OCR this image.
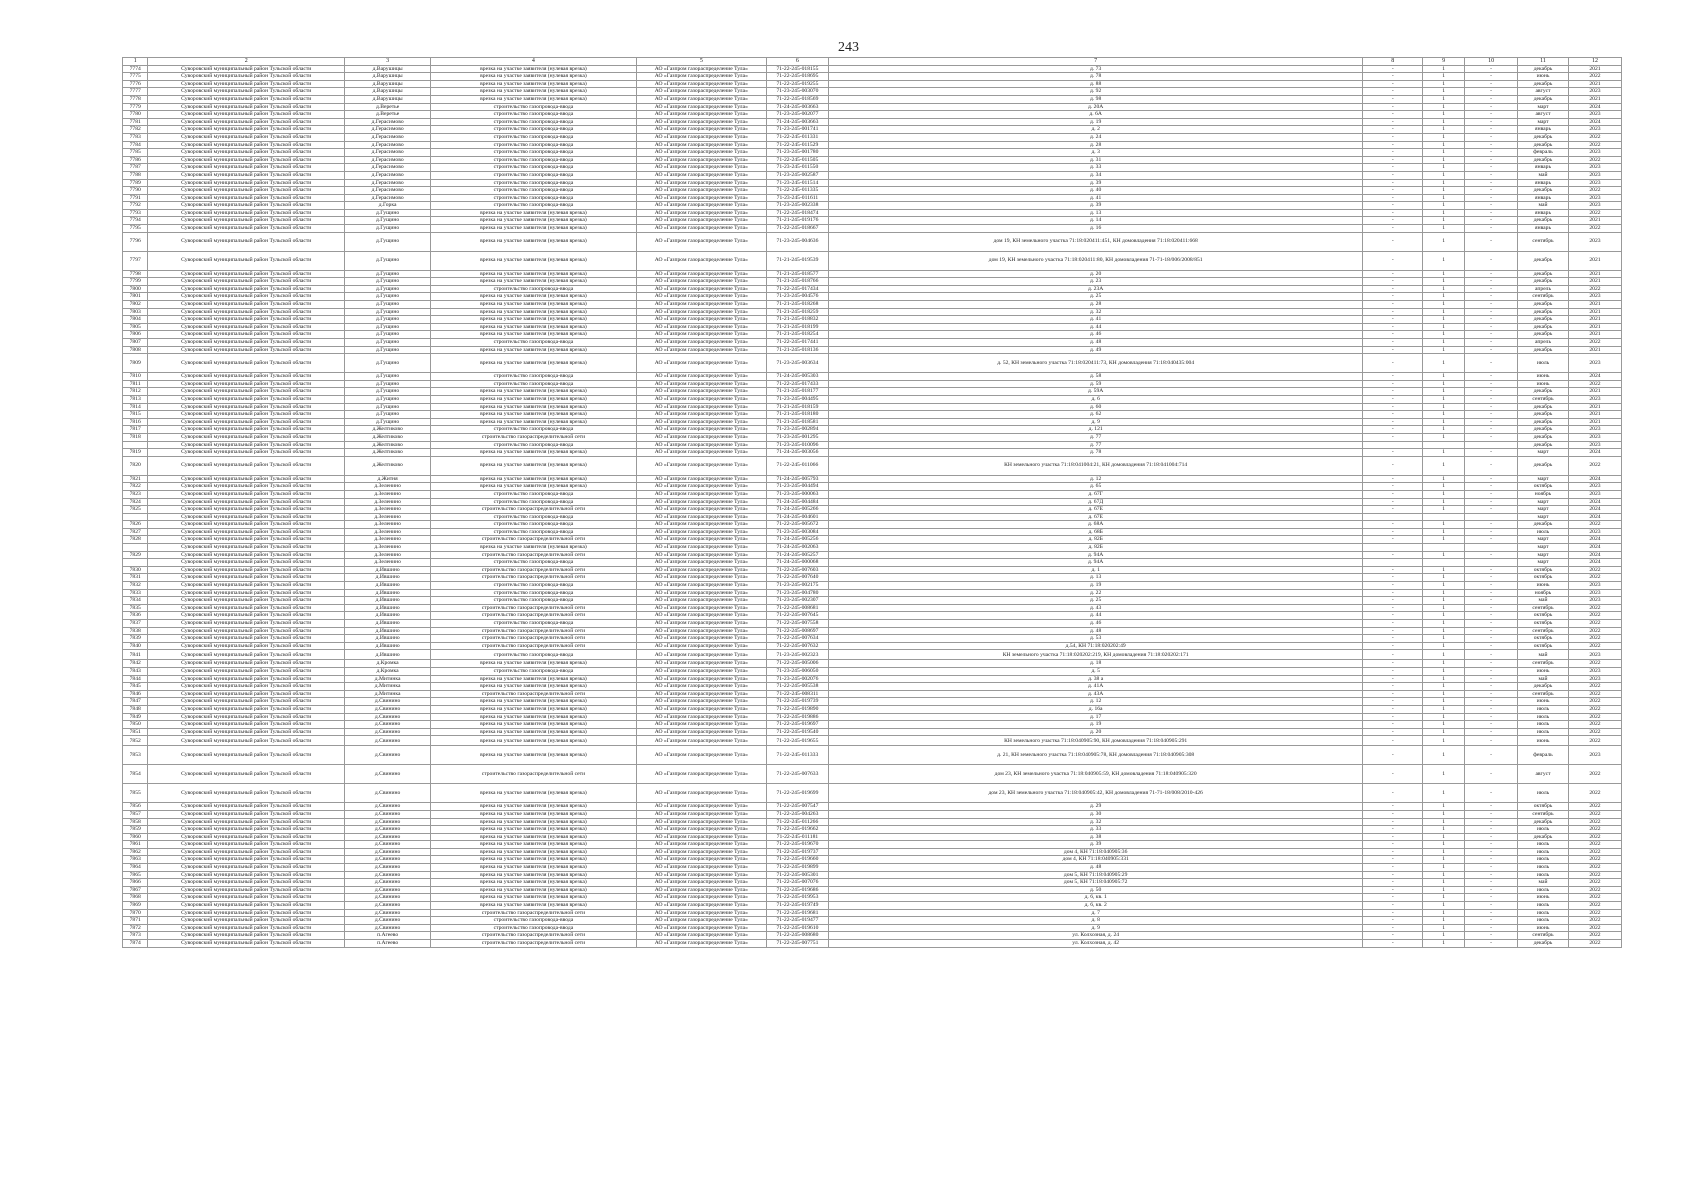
243
1	2	3	4	5	6	7	8	9	10	11	12
7774	Суворовский муниципальный район Тульской области	д.Варушицы	врезка на участке заявителя (нулевая врезка)	АО «Газпром газораспределение Тула»	71-22-245-018155	д. 73	-	1	-	декабрь	2021
7775	Суворовский муниципальный район Тульской области	д.Варушицы	врезка на участке заявителя (нулевая врезка)	АО «Газпром газораспределение Тула»	71-22-245-018695	д. 78	-	1	-	июнь	2022
7776	Суворовский муниципальный район Тульской области	д.Варушицы	врезка на участке заявителя (нулевая врезка)	АО «Газпром газораспределение Тула»	71-22-245-019255	д. 88	-	1	-	декабрь	2021
7777	Суворовский муниципальный район Тульской области	д.Варушицы	врезка на участке заявителя (нулевая врезка)	АО «Газпром газораспределение Тула»	71-23-245-003070	д. 92	-	1	-	август	2023
7778	Суворовский муниципальный район Тульской области	д.Варушицы	врезка на участке заявителя (нулевая врезка)	АО «Газпром газораспределение Тула»	71-22-245-018569	д. 98	-	1	-	декабрь	2021
7779	Суворовский муниципальный район Тульской области	д.Веретье	строительство газопровода-ввода	АО «Газпром газораспределение Тула»	71-24-245-003663	д. 20А	-	1	-	март	2024
7780	Суворовский муниципальный район Тульской области	д.Веретье	строительство газопровода-ввода	АО «Газпром газораспределение Тула»	71-23-245-002077	д. 6А	-	1	-	август	2023
7781	Суворовский муниципальный район Тульской области	д.Герасимово	строительство газопровода-ввода	АО «Газпром газораспределение Тула»	71-24-245-003663	д. 19	-	1	-	март	2024
7782	Суворовский муниципальный район Тульской области	д.Герасимово	строительство газопровода-ввода	АО «Газпром газораспределение Тула»	71-23-245-001741	д. 2	-	1	-	январь	2023
7783	Суворовский муниципальный район Тульской области	д.Герасимово	строительство газопровода-ввода	АО «Газпром газораспределение Тула»	71-22-245-011331	д. 24	-	1	-	декабрь	2022
7784	Суворовский муниципальный район Тульской области	д.Герасимово	строительство газопровода-ввода	АО «Газпром газораспределение Тула»	71-22-245-011529	д. 28	-	1	-	декабрь	2022
7785	Суворовский муниципальный район Тульской области	д.Герасимово	строительство газопровода-ввода	АО «Газпром газораспределение Тула»	71-23-245-001780	д. 3	-	1	-	февраль	2023
7786	Суворовский муниципальный район Тульской области	д.Герасимово	строительство газопровода-ввода	АО «Газпром газораспределение Тула»	71-22-245-011505	д. 31	-	1	-	декабрь	2022
7787	Суворовский муниципальный район Тульской области	д.Герасимово	строительство газопровода-ввода	АО «Газпром газораспределение Тула»	71-23-245-011550	д. 33	-	1	-	январь	2023
7788	Суворовский муниципальный район Тульской области	д.Герасимово	строительство газопровода-ввода	АО «Газпром газораспределение Тула»	71-23-245-002587	д. 34	-	1	-	май	2023
7789	Суворовский муниципальный район Тульской области	д.Герасимово	строительство газопровода-ввода	АО «Газпром газораспределение Тула»	71-23-245-011514	д. 39	-	1	-	январь	2023
7790	Суворовский муниципальный район Тульской области	д.Герасимово	строительство газопровода-ввода	АО «Газпром газораспределение Тула»	71-22-245-011335	д. 40	-	1	-	декабрь	2022
7791	Суворовский муниципальный район Тульской области	д.Герасимово	строительство газопровода-ввода	АО «Газпром газораспределение Тула»	71-23-245-011611	д. 41	-	1	-	январь	2023
7792	Суворовский муниципальный район Тульской области	д.Горка	строительство газопровода-ввода	АО «Газпром газораспределение Тула»	71-23-245-002338	д. 39	-	1	-	май	2023
7793	Суворовский муниципальный район Тульской области	д.Гущино	врезка на участке заявителя (нулевая врезка)	АО «Газпром газораспределение Тула»	71-22-245-018474	д. 13	-	1	-	январь	2022
7794	Суворовский муниципальный район Тульской области	д.Гущино	врезка на участке заявителя (нулевая врезка)	АО «Газпром газораспределение Тула»	71-21-245-019176	д. 14	-	1	-	декабрь	2021
7795	Суворовский муниципальный район Тульской области	д.Гущино	врезка на участке заявителя (нулевая врезка)	АО «Газпром газораспределение Тула»	71-22-245-018667	д. 16	-	1	-	январь	2022
7796	Суворовский муниципальный район Тульской области	д.Гущино	врезка на участке заявителя (нулевая врезка)	АО «Газпром газораспределение Тула»	71-23-245-004636	дом 19, КН земельного участка 71:18:020411:451, КН домовладения 71:18:020411:668	-	1	-	сентябрь	2023
7797	Суворовский муниципальный район Тульской области	д.Гущино	врезка на участке заявителя (нулевая врезка)	АО «Газпром газораспределение Тула»	71-21-245-019539	дом 19, КН земельного участка 71:18:020411:80, КН домовладения 71-71-18/006/2008/851	-	1	-	декабрь	2021
7798	Суворовский муниципальный район Тульской области	д.Гущино	врезка на участке заявителя (нулевая врезка)	АО «Газпром газораспределение Тула»	71-21-245-018577	д. 20	-	1	-	декабрь	2021
7799	Суворовский муниципальный район Тульской области	д.Гущино	врезка на участке заявителя (нулевая врезка)	АО «Газпром газораспределение Тула»	71-21-245-018766	д. 23	-	1	-	декабрь	2021
7800	Суворовский муниципальный район Тульской области	д.Гущино	строительство газопровода-ввода	АО «Газпром газораспределение Тула»	71-22-245-017434	д. 23А	-	1	-	апрель	2022
7801	Суворовский муниципальный район Тульской области	д.Гущино	врезка на участке заявителя (нулевая врезка)	АО «Газпром газораспределение Тула»	71-23-245-004576	д. 25	-	1	-	сентябрь	2023
7802	Суворовский муниципальный район Тульской области	д.Гущино	врезка на участке заявителя (нулевая врезка)	АО «Газпром газораспределение Тула»	71-21-245-018268	д. 28	-	1	-	декабрь	2021
7803	Суворовский муниципальный район Тульской области	д.Гущино	врезка на участке заявителя (нулевая врезка)	АО «Газпром газораспределение Тула»	71-21-245-018259	д. 32	-	1	-	декабрь	2021
7804	Суворовский муниципальный район Тульской области	д.Гущино	врезка на участке заявителя (нулевая врезка)	АО «Газпром газораспределение Тула»	71-21-245-018832	д. 41	-	1	-	декабрь	2021
7805	Суворовский муниципальный район Тульской области	д.Гущино	врезка на участке заявителя (нулевая врезка)	АО «Газпром газораспределение Тула»	71-21-245-018199	д. 44	-	1	-	декабрь	2021
7806	Суворовский муниципальный район Тульской области	д.Гущино	врезка на участке заявителя (нулевая врезка)	АО «Газпром газораспределение Тула»	71-21-245-018254	д. 46	-	1	-	декабрь	2021
7807	Суворовский муниципальный район Тульской области	д.Гущино	строительство газопровода-ввода	АО «Газпром газораспределение Тула»	71-22-245-017441	д. 48	-	1	-	апрель	2022
7808	Суворовский муниципальный район Тульской области	д.Гущино	врезка на участке заявителя (нулевая врезка)	АО «Газпром газораспределение Тула»	71-21-245-018136	д. 49	-	1	-	декабрь	2021
7809	Суворовский муниципальный район Тульской области	д.Гущино	врезка на участке заявителя (нулевая врезка)	АО «Газпром газораспределение Тула»	71-23-245-003634	д. 52, КН земельного участка 71:18:020411:73, КН домовладения 71:18:040435:004	-	1	-	июль	2023
7810	Суворовский муниципальный район Тульской области	д.Гущино	строительство газопровода-ввода	АО «Газпром газораспределение Тула»	71-24-245-005303	д. 58	-	1	-	июнь	2024
7811	Суворовский муниципальный район Тульской области	д.Гущино	строительство газопровода-ввода	АО «Газпром газораспределение Тула»	71-22-245-017433	д. 59	-	1	-	июнь	2022
7812	Суворовский муниципальный район Тульской области	д.Гущино	врезка на участке заявителя (нулевая врезка)	АО «Газпром газораспределение Тула»	71-21-245-018177	д. 59А	-	1	-	декабрь	2021
7813	Суворовский муниципальный район Тульской области	д.Гущино	врезка на участке заявителя (нулевая врезка)	АО «Газпром газораспределение Тула»	71-23-245-004495	д. 6	-	1	-	сентябрь	2023
7814	Суворовский муниципальный район Тульской области	д.Гущино	врезка на участке заявителя (нулевая врезка)	АО «Газпром газораспределение Тула»	71-21-245-018159	д. 60	-	1	-	декабрь	2021
7815	Суворовский муниципальный район Тульской области	д.Гущино	врезка на участке заявителя (нулевая врезка)	АО «Газпром газораспределение Тула»	71-21-245-018180	д. 62	-	1	-	декабрь	2021
7816	Суворовский муниципальный район Тульской области	д.Гущино	врезка на участке заявителя (нулевая врезка)	АО «Газпром газораспределение Тула»	71-21-245-018581	д. 9	-	1	-	декабрь	2021
7817	Суворовский муниципальный район Тульской области	д.Желтиково	строительство газопровода-ввода	АО «Газпром газораспределение Тула»	71-23-245-002894	д. 121	-	1	-	декабрь	2023
7818	Суворовский муниципальный район Тульской области	д.Желтиково	строительство газораспределительной сети	АО «Газпром газораспределение Тула»	71-23-245-001295	д. 77	-	1	-	декабрь	2023
	Суворовский муниципальный район Тульской области	д.Желтиково	строительство газопровода-ввода	АО «Газпром газораспределение Тула»	71-23-245-010096	д. 77				декабрь	2023
7819	Суворовский муниципальный район Тульской области	д.Желтиково	врезка на участке заявителя (нулевая врезка)	АО «Газпром газораспределение Тула»	71-24-245-003056	д. 78	-	1	-	март	2024
7820	Суворовский муниципальный район Тульской области	д.Желтиково	врезка на участке заявителя (нулевая врезка)	АО «Газпром газораспределение Тула»	71-22-245-011066	КН земельного участка 71:18:041004:21, КН домовладения 71:18:041004:714	-	1	-	декабрь	2022
7821	Суворовский муниципальный район Тульской области	д.Житня	врезка на участке заявителя (нулевая врезка)	АО «Газпром газораспределение Тула»	71-24-245-005793	д. 12	-	1	-	март	2024
7822	Суворовский муниципальный район Тульской области	д.Зеленино	врезка на участке заявителя (нулевая врезка)	АО «Газпром газораспределение Тула»	71-23-245-004494	д. 65	-	1	-	октябрь	2023
7823	Суворовский муниципальный район Тульской области	д.Зеленино	строительство газопровода-ввода	АО «Газпром газораспределение Тула»	71-23-245-000063	д. 67Г	-	1	-	ноябрь	2023
7824	Суворовский муниципальный район Тульской области	д.Зеленино	строительство газопровода-ввода	АО «Газпром газораспределение Тула»	71-24-245-004484	д. 67Д	-	1	-	март	2024
7825	Суворовский муниципальный район Тульской области	д.Зеленино	строительство газораспределительной сети	АО «Газпром газораспределение Тула»	71-24-245-005266	д. 67Е	-	1	-	март	2024
	Суворовский муниципальный район Тульской области	д.Зеленино	строительство газопровода-ввода	АО «Газпром газораспределение Тула»	71-24-245-004601	д. 67Е				март	2024
7826	Суворовский муниципальный район Тульской области	д.Зеленино	строительство газопровода-ввода	АО «Газпром газораспределение Тула»	71-22-245-005672	д. 68А	-	1	-	декабрь	2022
7827	Суворовский муниципальный район Тульской области	д.Зеленино	строительство газопровода-ввода	АО «Газпром газораспределение Тула»	71-23-245-003084	д. 68Б	-	1	-	июль	2023
7828	Суворовский муниципальный район Тульской области	д.Зеленино	строительство газораспределительной сети	АО «Газпром газораспределение Тула»	71-24-245-005256	д. 82Б	-	1	-	март	2024
	Суворовский муниципальный район Тульской области	д.Зеленино	врезка на участке заявителя (нулевая врезка)	АО «Газпром газораспределение Тула»	71-24-245-002063	д. 82Б				март	2024
7829	Суворовский муниципальный район Тульской области	д.Зеленино	строительство газораспределительной сети	АО «Газпром газораспределение Тула»	71-24-245-005257	д. 94А	-	1	-	март	2024
	Суворовский муниципальный район Тульской области	д.Зеленино	строительство газопровода-ввода	АО «Газпром газораспределение Тула»	71-24-245-000068	д. 94А				март	2024
7830	Суворовский муниципальный район Тульской области	д.Ившино	строительство газораспределительной сети	АО «Газпром газораспределение Тула»	71-22-245-007603	д. 1	-	1	-	октябрь	2022
7831	Суворовский муниципальный район Тульской области	д.Ившино	строительство газораспределительной сети	АО «Газпром газораспределение Тула»	71-22-245-007640	д. 13	-	1	-	октябрь	2022
7832	Суворовский муниципальный район Тульской области	д.Ившино	строительство газопровода-ввода	АО «Газпром газораспределение Тула»	71-23-245-002175	д. 19	-	1	-	июнь	2023
7833	Суворовский муниципальный район Тульской области	д.Ившино	строительство газопровода-ввода	АО «Газпром газораспределение Тула»	71-23-245-004780	д. 22	-	1	-	ноябрь	2023
7834	Суворовский муниципальный район Тульской области	д.Ившино	строительство газопровода-ввода	АО «Газпром газораспределение Тула»	71-23-245-002307	д. 25	-	1	-	май	2023
7835	Суворовский муниципальный район Тульской области	д.Ившино	строительство газораспределительной сети	АО «Газпром газораспределение Тула»	71-22-245-008681	д. 43	-	1	-	сентябрь	2022
7836	Суворовский муниципальный район Тульской области	д.Ившино	строительство газораспределительной сети	АО «Газпром газораспределение Тула»	71-22-245-007645	д. 44	-	1	-	октябрь	2022
7837	Суворовский муниципальный район Тульской области	д.Ившино	строительство газопровода-ввода	АО «Газпром газораспределение Тула»	71-22-245-007558	д. 46	-	1	-	октябрь	2022
7838	Суворовский муниципальный район Тульской области	д.Ившино	строительство газораспределительной сети	АО «Газпром газораспределение Тула»	71-22-245-008697	д. 48	-	1	-	сентябрь	2022
7839	Суворовский муниципальный район Тульской области	д.Ившино	строительство газораспределительной сети	АО «Газпром газораспределение Тула»	71-22-245-007634	д. 53	-	1	-	октябрь	2022
7840	Суворовский муниципальный район Тульской области	д.Ившино	строительство газораспределительной сети	АО «Газпром газораспределение Тула»	71-22-245-007632	д.54, КН 71:18:020202:49	-	1	-	октябрь	2022
7841	Суворовский муниципальный район Тульской области	д.Ившино	строительство газопровода-ввода	АО «Газпром газораспределение Тула»	71-23-245-002323	КН земельного участка 71:18:020202:219, КН домовладения 71:18:020202:171	-	1	-	май	2023
7842	Суворовский муниципальный район Тульской области	д.Кромка	врезка на участке заявителя (нулевая врезка)	АО «Газпром газораспределение Тула»	71-22-245-005006	д. 18	-	1	-	сентябрь	2022
7843	Суворовский муниципальный район Тульской области	д.Кромка	строительство газопровода-ввода	АО «Газпром газораспределение Тула»	71-23-245-006050	д. 5	-	1	-	июнь	2023
7844	Суворовский муниципальный район Тульской области	д.Митинка	врезка на участке заявителя (нулевая врезка)	АО «Газпром газораспределение Тула»	71-23-245-002076	д. 38 а	-	1	-	май	2023
7845	Суворовский муниципальный район Тульской области	д.Митинка	врезка на участке заявителя (нулевая врезка)	АО «Газпром газораспределение Тула»	71-22-245-005538	д. 41А	-	1	-	декабрь	2022
7846	Суворовский муниципальный район Тульской области	д.Митинка	строительство газораспределительной сети	АО «Газпром газораспределение Тула»	71-22-245-008311	д. 43А	-	1	-	сентябрь	2022
7847	Суворовский муниципальный район Тульской области	д.Свинино	врезка на участке заявителя (нулевая врезка)	АО «Газпром газораспределение Тула»	71-22-245-019739	д. 12	-	1	-	июнь	2022
7848	Суворовский муниципальный район Тульской области	д.Свинино	врезка на участке заявителя (нулевая врезка)	АО «Газпром газораспределение Тула»	71-22-245-019890	д. 16а	-	1	-	июль	2022
7849	Суворовский муниципальный район Тульской области	д.Свинино	врезка на участке заявителя (нулевая врезка)	АО «Газпром газораспределение Тула»	71-22-245-019886	д. 17	-	1	-	июль	2022
7850	Суворовский муниципальный район Тульской области	д.Свинино	врезка на участке заявителя (нулевая врезка)	АО «Газпром газораспределение Тула»	71-22-245-019697	д. 19	-	1	-	июль	2022
7851	Суворовский муниципальный район Тульской области	д.Свинино	врезка на участке заявителя (нулевая врезка)	АО «Газпром газораспределение Тула»	71-22-245-019540	д. 20	-	1	-	июль	2022
7852	Суворовский муниципальный район Тульской области	д.Свинино	врезка на участке заявителя (нулевая врезка)	АО «Газпром газораспределение Тула»	71-22-245-019655	КН земельного участка 71:18:040905:90, КН домовладения 71:18:040905:291	-	1	-	июнь	2022
7853	Суворовский муниципальный район Тульской области	д.Свинино	врезка на участке заявителя (нулевая врезка)	АО «Газпром газораспределение Тула»	71-22-245-011333	д. 21, КН земельного участка 71:18:040905:78, КН домовладения 71:18:040905:308	-	1	-	февраль	2023
7854	Суворовский муниципальный район Тульской области	д.Свинино	строительство газораспределительной сети	АО «Газпром газораспределение Тула»	71-22-245-007633	дом 23, КН земельного участка 71:18:040905:59, КН домовладения 71:18:040905:320	-	1	-	август	2022
7855	Суворовский муниципальный район Тульской области	д.Свинино	врезка на участке заявителя (нулевая врезка)	АО «Газпром газораспределение Тула»	71-22-245-019699	дом 23, КН земельного участка 71:18:040905:42, КН домовладения 71-71-18/008/2010-426	-	1	-	июль	2022
7856	Суворовский муниципальный район Тульской области	д.Свинино	врезка на участке заявителя (нулевая врезка)	АО «Газпром газораспределение Тула»	71-22-245-007547	д. 29	-	1	-	октябрь	2022
7857	Суворовский муниципальный район Тульской области	д.Свинино	врезка на участке заявителя (нулевая врезка)	АО «Газпром газораспределение Тула»	71-22-245-004263	д. 30	-	1	-	сентябрь	2022
7858	Суворовский муниципальный район Тульской области	д.Свинино	врезка на участке заявителя (нулевая врезка)	АО «Газпром газораспределение Тула»	71-22-245-011266	д. 32	-	1	-	декабрь	2022
7859	Суворовский муниципальный район Тульской области	д.Свинино	врезка на участке заявителя (нулевая врезка)	АО «Газпром газораспределение Тула»	71-22-245-019662	д. 33	-	1	-	июль	2022
7860	Суворовский муниципальный район Тульской области	д.Свинино	врезка на участке заявителя (нулевая врезка)	АО «Газпром газораспределение Тула»	71-22-245-011181	д. 38	-	1	-	декабрь	2022
7861	Суворовский муниципальный район Тульской области	д.Свинино	врезка на участке заявителя (нулевая врезка)	АО «Газпром газораспределение Тула»	71-22-245-019670	д. 39	-	1	-	июль	2022
7862	Суворовский муниципальный район Тульской области	д.Свинино	врезка на участке заявителя (нулевая врезка)	АО «Газпром газораспределение Тула»	71-22-245-019737	дом 4, КН 71:18:040905:36	-	1	-	июль	2022
7863	Суворовский муниципальный район Тульской области	д.Свинино	врезка на участке заявителя (нулевая врезка)	АО «Газпром газораспределение Тула»	71-22-245-019660	дом 4, КН 71:18:040905:331	-	1	-	июль	2022
7864	Суворовский муниципальный район Тульской области	д.Свинино	врезка на участке заявителя (нулевая врезка)	АО «Газпром газораспределение Тула»	71-22-245-019899	д. 48	-	1	-	июль	2022
7865	Суворовский муниципальный район Тульской области	д.Свинино	врезка на участке заявителя (нулевая врезка)	АО «Газпром газораспределение Тула»	71-22-245-005301	дом 5, КН 71:18:040905:29	-	1	-	июль	2022
7866	Суворовский муниципальный район Тульской области	д.Свинино	врезка на участке заявителя (нулевая врезка)	АО «Газпром газораспределение Тула»	71-22-245-007076	дом 5, КН 71:18:040905:72	-	1	-	май	2022
7867	Суворовский муниципальный район Тульской области	д.Свинино	врезка на участке заявителя (нулевая врезка)	АО «Газпром газораспределение Тула»	71-22-245-019686	д. 50	-	1	-	июль	2022
7868	Суворовский муниципальный район Тульской области	д.Свинино	врезка на участке заявителя (нулевая врезка)	АО «Газпром газораспределение Тула»	71-22-245-019953	д. 6, кв. 1	-	1	-	июнь	2022
7869	Суворовский муниципальный район Тульской области	д.Свинино	врезка на участке заявителя (нулевая врезка)	АО «Газпром газораспределение Тула»	71-22-245-019749	д. 6, кв. 2	-	1	-	июль	2022
7870	Суворовский муниципальный район Тульской области	д.Свинино	строительство газораспределительной сети	АО «Газпром газораспределение Тула»	71-22-245-019681	д. 7	-	1	-	июль	2022
7871	Суворовский муниципальный район Тульской области	д.Свинино	строительство газопровода-ввода	АО «Газпром газораспределение Тула»	71-22-245-019477	д. 8	-	1	-	июль	2022
7872	Суворовский муниципальный район Тульской области	д.Свинино	строительство газопровода-ввода	АО «Газпром газораспределение Тула»	71-22-245-019610	д. 9	-	1	-	июнь	2022
7873	Суворовский муниципальный район Тульской области	п.Агеево	строительство газораспределительной сети	АО «Газпром газораспределение Тула»	71-22-245-008680	ул. Колхозная, д. 24	-	1	-	сентябрь	2022
7874	Суворовский муниципальный район Тульской области	п.Агеево	строительство газораспределительной сети	АО «Газпром газораспределение Тула»	71-22-245-007751	ул. Колхозная, д. 42	-	1	-	декабрь	2022
